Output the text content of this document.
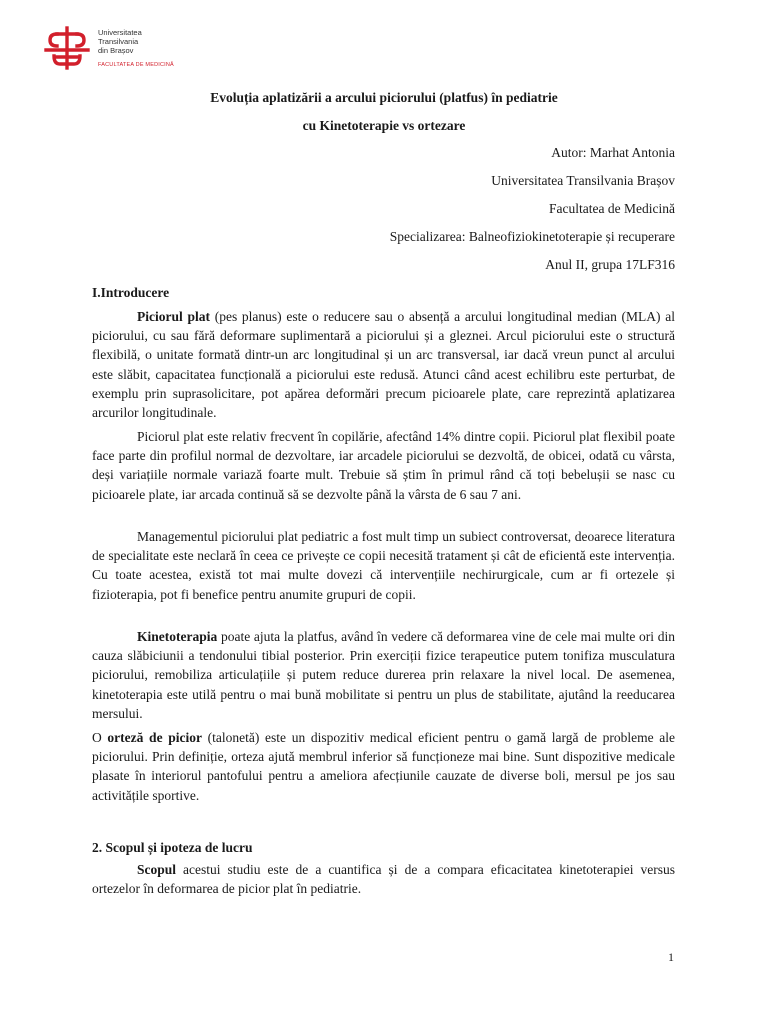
Universitatea
Transilvania
din Brașov
FACULTATEA DE MEDICINĂ
Evoluția aplatizării a arcului piciorului (platfus) în pediatrie
cu Kinetoterapie vs ortezare
Autor: Marhat Antonia
Universitatea Transilvania Brașov
Facultatea de Medicină
Specializarea: Balneofiziokinetoterapie și recuperare
Anul II, grupa 17LF316
I.Introducere

Piciorul plat (pes planus) este o reducere sau o absență a arcului longitudinal median (MLA) al piciorului, cu sau fără deformare suplimentară a piciorului și a gleznei. Arcul piciorului este o structură flexibilă, o unitate formată dintr-un arc longitudinal și un arc transversal, iar dacă vreun punct al arcului este slăbit, capacitatea funcțională a piciorului este redusă. Atunci când acest echilibru este perturbat, de exemplu prin suprasolicitare, pot apărea deformări precum picioarele plate, care reprezintă aplatizarea arcurilor longitudinale.

Piciorul plat este relativ frecvent în copilărie, afectând 14% dintre copii. Piciorul plat flexibil poate face parte din profilul normal de dezvoltare, iar arcadele piciorului se dezvoltă, de obicei, odată cu vârsta, deși variațiile normale variază foarte mult. Trebuie să știm în primul rând că toți bebelușii se nasc cu picioarele plate, iar arcada continuă să se dezvolte până la vârsta de 6 sau 7 ani.

Managementul piciorului plat pediatric a fost mult timp un subiect controversat, deoarece literatura de specialitate este neclară în ceea ce privește ce copii necesită tratament și cât de eficientă este intervenția. Cu toate acestea, există tot mai multe dovezi că intervențiile nechirurgicale, cum ar fi ortezele și fizioterapia, pot fi benefice pentru anumite grupuri de copii.

Kinetoterapia poate ajuta la platfus, având în vedere că deformarea vine de cele mai multe ori din cauza slăbiciunii a tendonului tibial posterior. Prin exerciții fizice terapeutice putem tonifiza musculatura piciorului, remobiliza articulațiile și putem reduce durerea prin relaxare la nivel local. De asemenea, kinetoterapia este utilă pentru o mai bună mobilitate si pentru un plus de stabilitate, ajutând la reeducarea mersului.

O orteză de picior (talonetă) este un dispozitiv medical eficient pentru o gamă largă de probleme ale piciorului. Prin definiție, orteza ajută membrul inferior să funcționeze mai bine. Sunt dispozitive medicale plasate în interiorul pantofului pentru a ameliora afecțiunile cauzate de diverse boli, mersul pe jos sau activitățile sportive.

2. Scopul și ipoteza de lucru

Scopul acestui studiu este de a cuantifica și de a compara eficacitatea kinetoterapiei versus ortezelor în deformarea de picior plat în pediatrie.

1
